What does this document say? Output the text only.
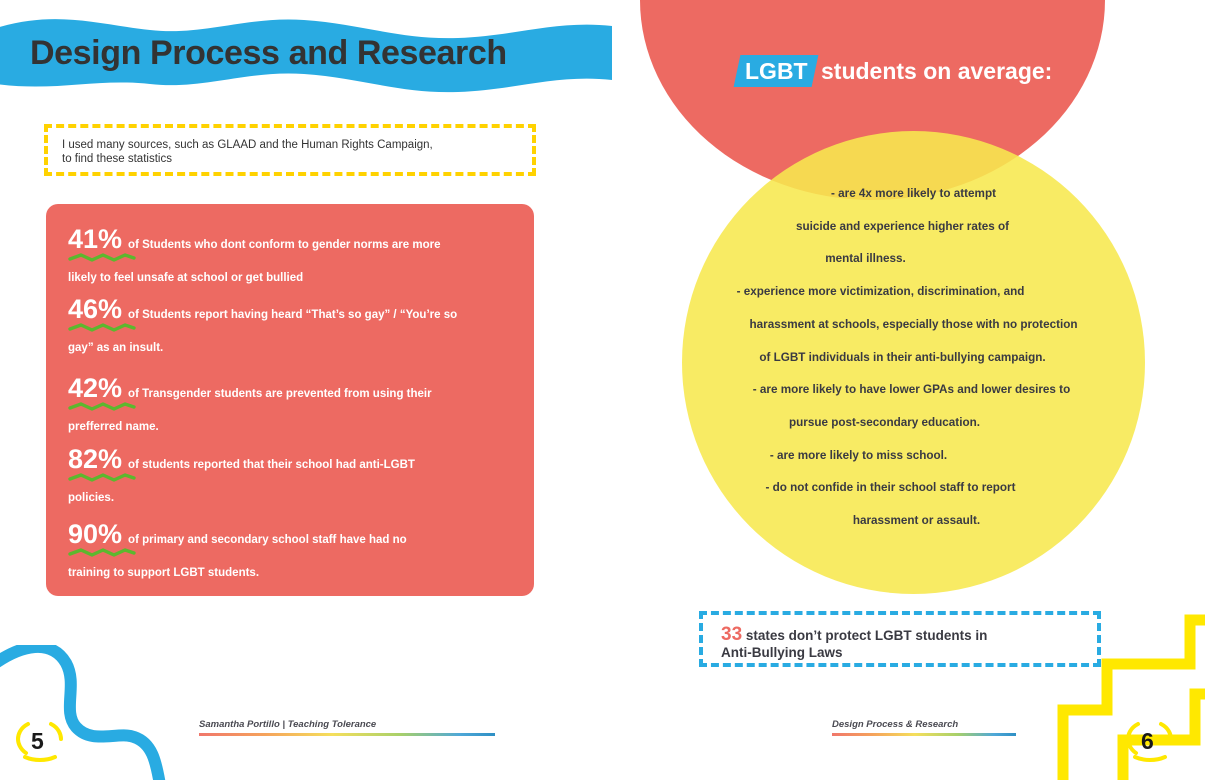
Design Process and Research
I used many sources, such as GLAAD and the Human Rights Campaign,
to find these statistics
41% of Students who dont conform to gender norms are more
likely to feel unsafe at school or get bullied
46% of Students report having heard “That’s so gay” / “You’re so
gay” as an insult.
42% of Transgender students are prevented from using their
prefferred name.
82% of students reported that their school had anti-LGBT
policies.
90% of primary and secondary school staff have had no
training to support LGBT students.
5
Samantha Portillo | Teaching Tolerance
LGBT students on average:
- are 4x more likely to attempt
suicide and experience higher rates of
mental illness.
- experience more victimization, discrimination, and
harassment at schools, especially those with no protection
of LGBT individuals in their anti-bullying campaign.
- are more likely to have lower GPAs and lower desires to
pursue post-secondary education.
- are more likely to miss school.
- do not confide in their school staff to report
harassment or assault.
33 states don’t protect LGBT students in
Anti-Bullying Laws
6
Design Process & Research
